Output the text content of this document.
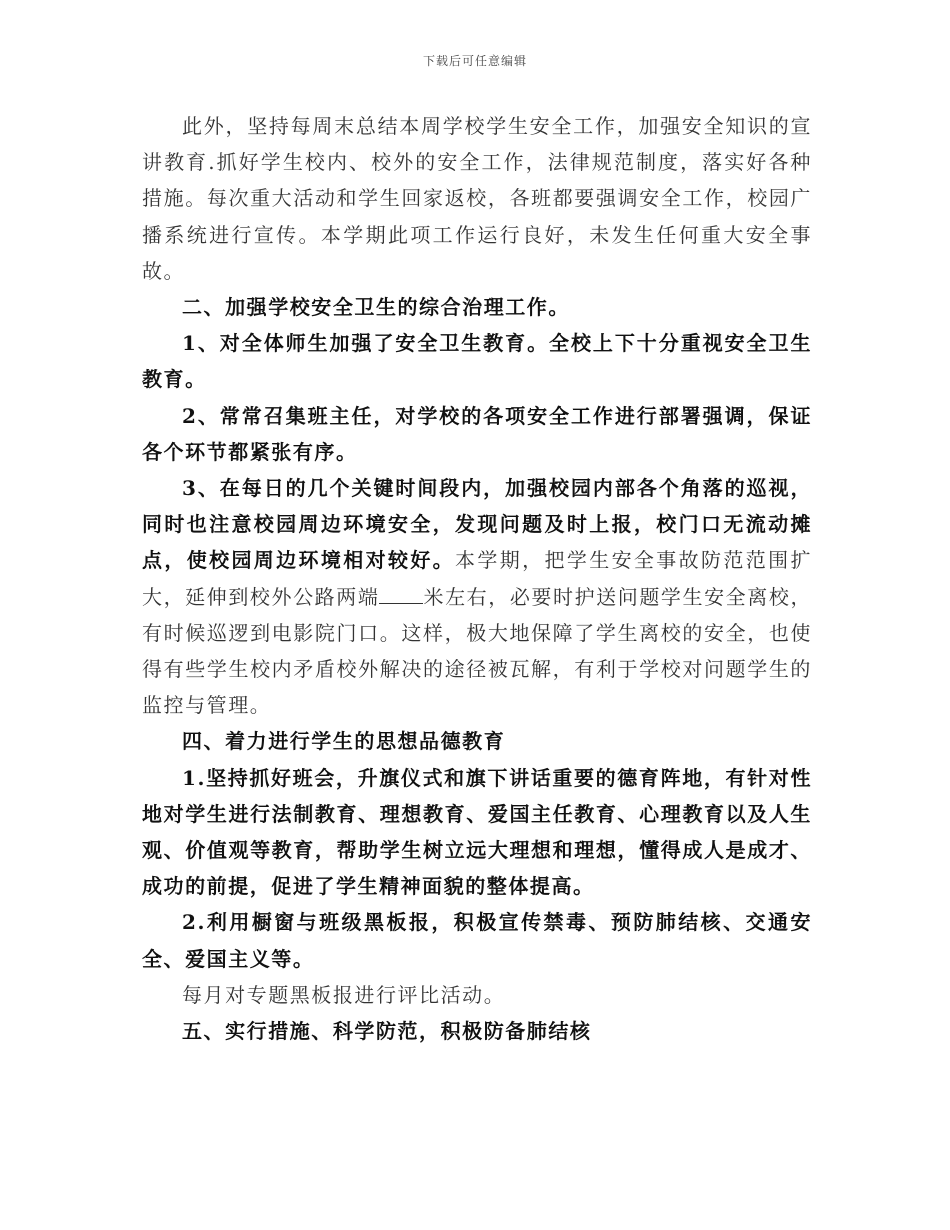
下载后可任意编辑

此外，坚持每周末总结本周学校学生安全工作，加强安全知识的宣讲教育.抓好学生校内、校外的安全工作，法律规范制度，落实好各种措施。每次重大活动和学生回家返校，各班都要强调安全工作，校园广播系统进行宣传。本学期此项工作运行良好，未发生任何重大安全事故。

二、加强学校安全卫生的综合治理工作。

1、对全体师生加强了安全卫生教育。全校上下十分重视安全卫生教育。

2、常常召集班主任，对学校的各项安全工作进行部署强调，保证各个环节都紧张有序。

3、在每日的几个关键时间段内，加强校园内部各个角落的巡视，同时也注意校园周边环境安全，发现问题及时上报，校门口无流动摊点，使校园周边环境相对较好。本学期，把学生安全事故防范范围扩大，延伸到校外公路两端 米左右，必要时护送问题学生安全离校，有时候巡逻到电影院门口。这样，极大地保障了学生离校的安全，也使得有些学生校内矛盾校外解决的途径被瓦解，有利于学校对问题学生的监控与管理。

四、着力进行学生的思想品德教育

1.坚持抓好班会，升旗仪式和旗下讲话重要的德育阵地，有针对性地对学生进行法制教育、理想教育、爱国主任教育、心理教育以及人生观、价值观等教育，帮助学生树立远大理想和理想，懂得成人是成才、成功的前提，促进了学生精神面貌的整体提高。

2.利用橱窗与班级黑板报，积极宣传禁毒、预防肺结核、交通安全、爱国主义等。

每月对专题黑板报进行评比活动。

五、实行措施、科学防范，积极防备肺结核
